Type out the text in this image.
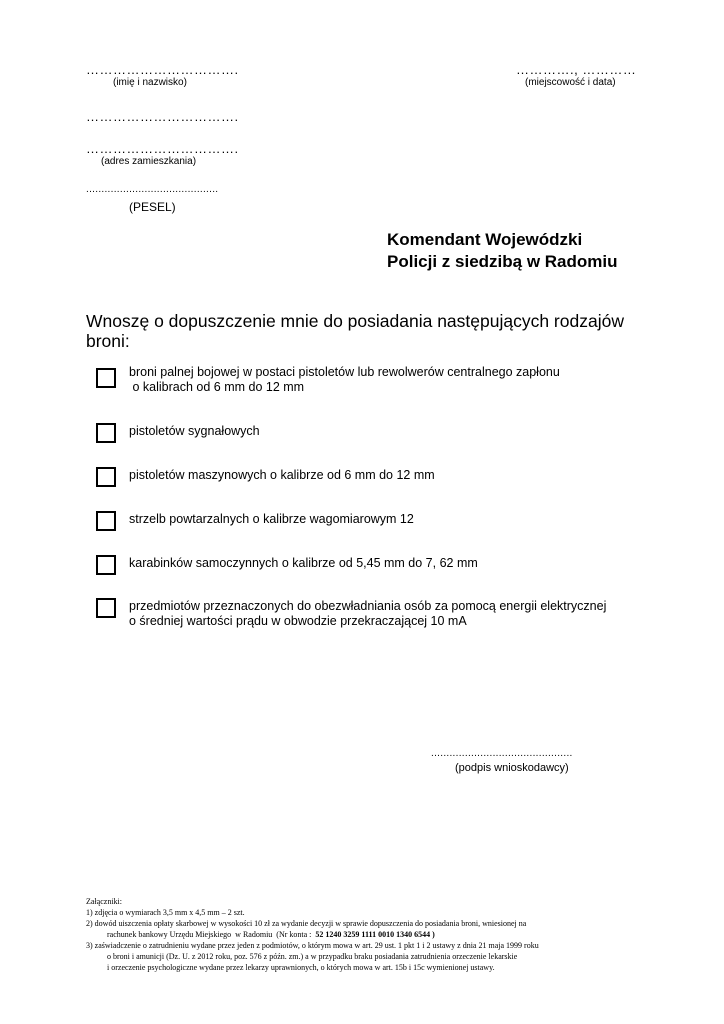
…………………………….
(imię i nazwisko)
…………., …………
(miejscowość i data)
…………………………….
…………………………….
(adres zamieszkania)
...........................................
(PESEL)
Komendant Wojewódzki
Policji z siedzibą w Radomiu
Wnoszę o dopuszczenie mnie do posiadania następujących rodzajów
broni:
broni palnej bojowej w postaci pistoletów lub rewolwerów centralnego zapłonu
o kalibrach od 6 mm do 12 mm
pistoletów sygnałowych
pistoletów maszynowych o kalibrze od 6 mm do 12 mm
strzelb powtarzalnych o kalibrze wagomiarowym 12
karabinków samoczynnych o kalibrze od 5,45 mm do 7, 62 mm
przedmiotów przeznaczonych do obezwładniania osób za pomocą energii elektrycznej
o średniej wartości prądu w obwodzie przekraczającej 10 mA
..............................................
(podpis wnioskodawcy)
Załączniki:
1) zdjęcia o wymiarach 3,5 mm x 4,5 mm – 2 szt.
2) dowód uiszczenia opłaty skarbowej w wysokości 10 zł za wydanie decyzji w sprawie dopuszczenia do posiadania broni, wniesionej na
rachunek bankowy Urzędu Miejskiego  w Radomiu  (Nr konta :  52 1240 3259 1111 0010 1340 6544 )
3) zaświadczenie o zatrudnieniu wydane przez jeden z podmiotów, o którym mowa w art. 29 ust. 1 pkt 1 i 2 ustawy z dnia 21 maja 1999 roku
o broni i amunicji (Dz. U. z 2012 roku, poz. 576 z późn. zm.) a w przypadku braku posiadania zatrudnienia orzeczenie lekarskie
i orzeczenie psychologiczne wydane przez lekarzy uprawnionych, o których mowa w art. 15b i 15c wymienionej ustawy.
